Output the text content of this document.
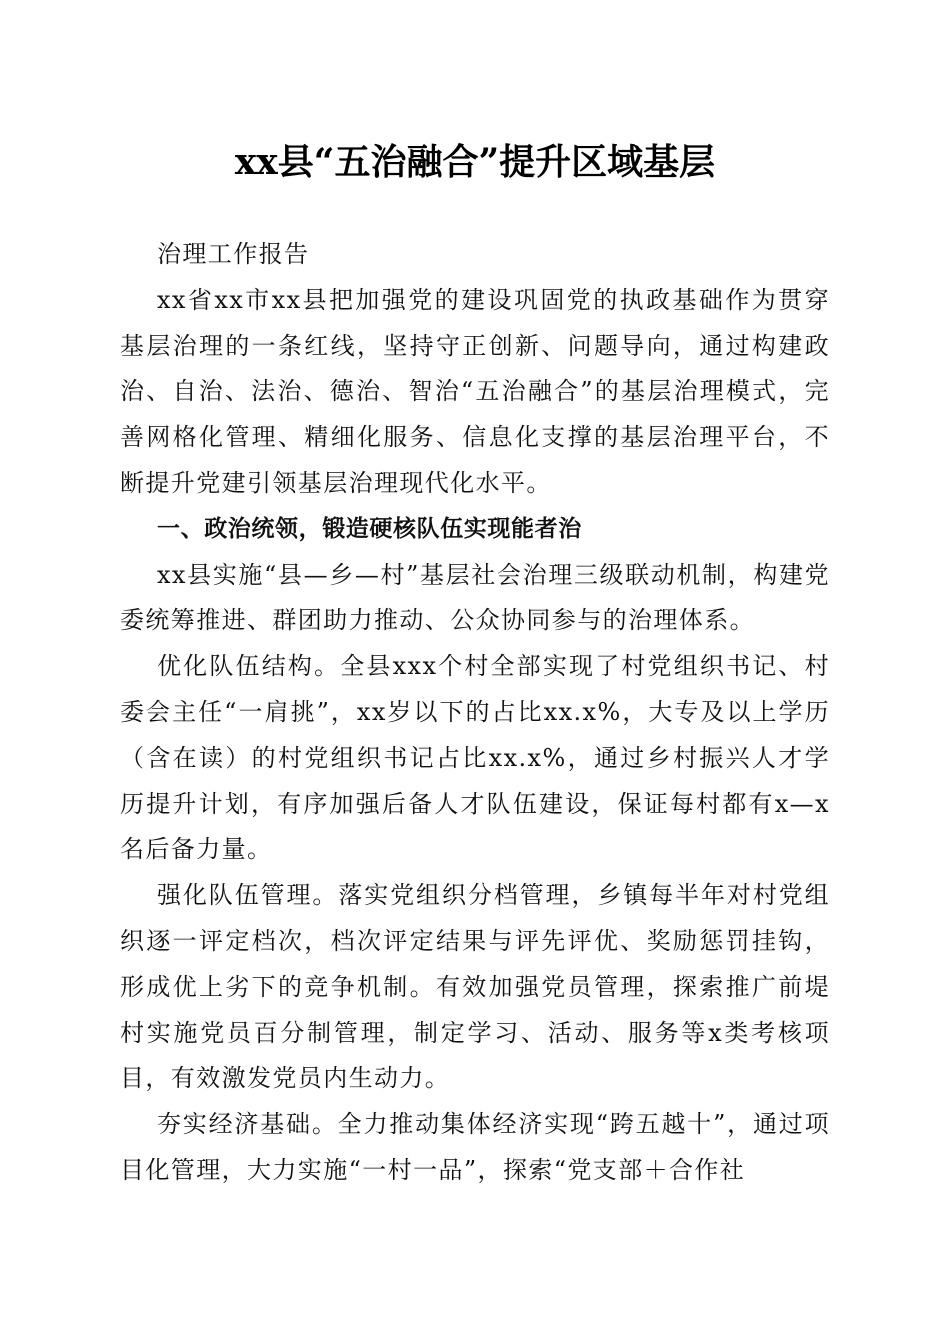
xx县“五治融合”提升区域基层

治理工作报告

xx省xx市xx县把加强党的建设巩固党的执政基础作为贯穿基层治理的一条红线，坚持守正创新、问题导向，通过构建政治、自治、法治、德治、智治“五治融合”的基层治理模式，完善网格化管理、精细化服务、信息化支撑的基层治理平台，不断提升党建引领基层治理现代化水平。

一、政治统领，锻造硬核队伍实现能者治

xx县实施“县—乡—村”基层社会治理三级联动机制，构建党委统筹推进、群团助力推动、公众协同参与的治理体系。

优化队伍结构。全县xxx个村全部实现了村党组织书记、村委会主任“一肩挑”，xx岁以下的占比xx.x%，大专及以上学历（含在读）的村党组织书记占比xx.x%，通过乡村振兴人才学历提升计划，有序加强后备人才队伍建设，保证每村都有x—x名后备力量。

强化队伍管理。落实党组织分档管理，乡镇每半年对村党组织逐一评定档次，档次评定结果与评先评优、奖励惩罚挂钩，形成优上劣下的竞争机制。有效加强党员管理，探索推广前堤村实施党员百分制管理，制定学习、活动、服务等x类考核项目，有效激发党员内生动力。

夯实经济基础。全力推动集体经济实现“跨五越十”，通过项目化管理，大力实施“一村一品”，探索“党支部＋合作社
